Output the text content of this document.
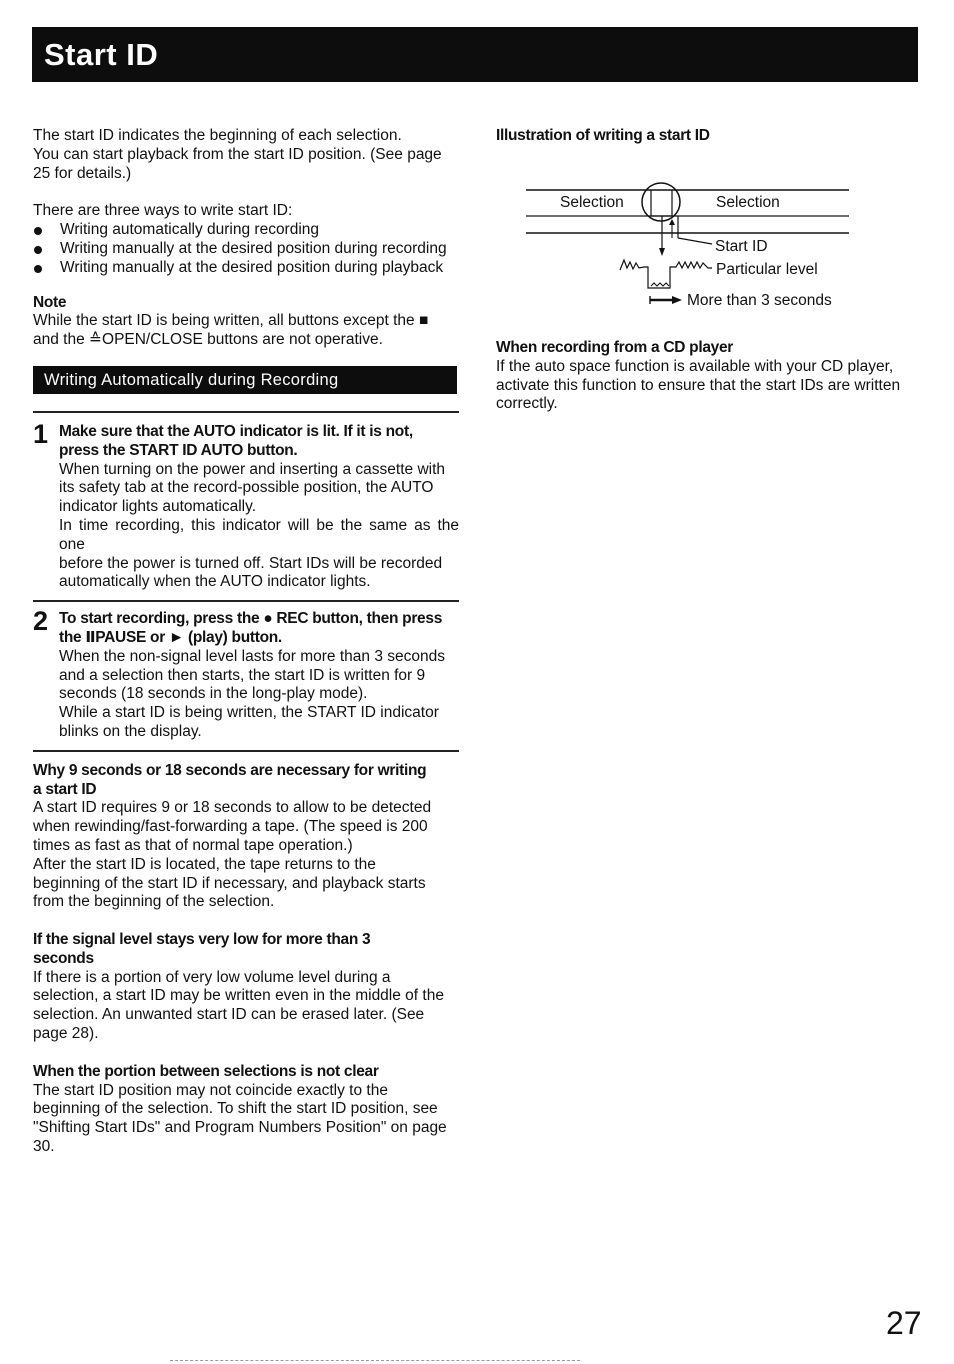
Start ID

The start ID indicates the beginning of each selection.

You can start playback from the start ID position. (See page

25 for details.)

There are three ways to write start ID:

Writing automatically during recording
Writing manually at the desired position during recording
Writing manually at the desired position during playback

Note

While the start ID is being written, all buttons except the ■

and the ≙OPEN/CLOSE buttons are not operative.

Writing Automatically during Recording
1 Make sure that the AUTO indicator is lit. If it is not,

press the START ID AUTO button.

When turning on the power and inserting a cassette with

its safety tab at the record-possible position, the AUTO

indicator lights automatically.

In time recording, this indicator will be the same as the one

before the power is turned off. Start IDs will be recorded

automatically when the AUTO indicator lights.

2 To start recording, press the ● REC button, then press

the ⅡPAUSE or ► (play) button.

When the non-signal level lasts for more than 3 seconds

and a selection then starts, the start ID is written for 9

seconds (18 seconds in the long-play mode).

While a start ID is being written, the START ID indicator

blinks on the display.

Why 9 seconds or 18 seconds are necessary for writing

a start ID

A start ID requires 9 or 18 seconds to allow to be detected

when rewinding/fast-forwarding a tape. (The speed is 200

times as fast as that of normal tape operation.)

After the start ID is located, the tape returns to the

beginning of the start ID if necessary, and playback starts

from the beginning of the selection.

If the signal level stays very low for more than 3

seconds

If there is a portion of very low volume level during a

selection, a start ID may be written even in the middle of the

selection. An unwanted start ID can be erased later. (See

page 28).

When the portion between selections is not clear

The start ID position may not coincide exactly to the

beginning of the selection. To shift the start ID position, see

"Shifting Start IDs" and Program Numbers Position" on page

30.

Illustration of writing a start ID

Selection	Selection
Start ID
Particular level
More than 3 seconds

When recording from a CD player

If the auto space function is available with your CD player,

activate this function to ensure that the start IDs are written

correctly.

27
